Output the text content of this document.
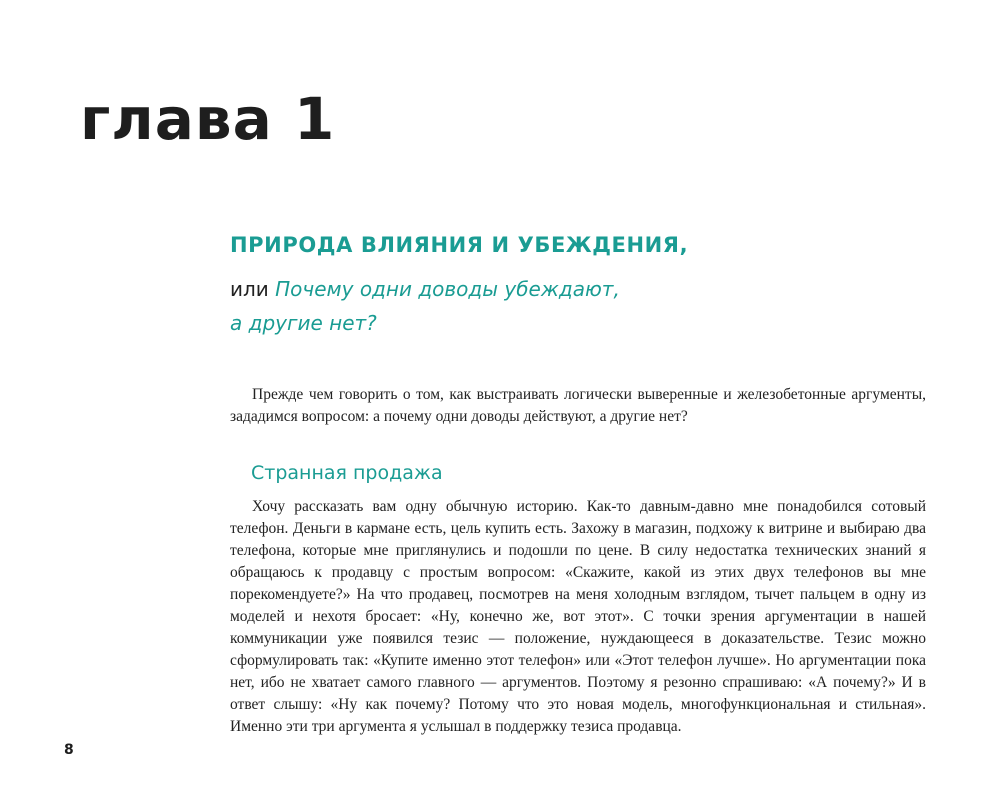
глава 1
ПРИРОДА ВЛИЯНИЯ И УБЕЖДЕНИЯ,
или Почему одни доводы убеждают,
а другие нет?

Прежде чем говорить о том, как выстраивать логически выверенные и железобетонные аргументы, зададимся вопросом: а почему одни доводы действуют, а другие нет?

Странная продажа

Хочу рассказать вам одну обычную историю. Как-то давным-давно мне понадобился сотовый телефон. Деньги в кармане есть, цель купить есть. Захожу в магазин, подхожу к витрине и выбираю два телефона, которые мне приглянулись и подошли по цене. В силу недостатка технических знаний я обращаюсь к продавцу с простым вопросом: «Скажите, какой из этих двух телефонов вы мне порекомендуете?» На что продавец, посмотрев на меня холодным взглядом, тычет пальцем в одну из моделей и нехотя бросает: «Ну, конечно же, вот этот». С точки зрения аргументации в нашей коммуникации уже появился тезис — положение, нуждающееся в доказательстве. Тезис можно сформулировать так: «Купите именно этот телефон» или «Этот телефон лучше». Но аргументации пока нет, ибо не хватает самого главного — аргументов. Поэтому я резонно спрашиваю: «А почему?» И в ответ слышу: «Ну как почему? Потому что это новая модель, многофункциональная и стильная». Именно эти три аргумента я услышал в поддержку тезиса продавца.

8
